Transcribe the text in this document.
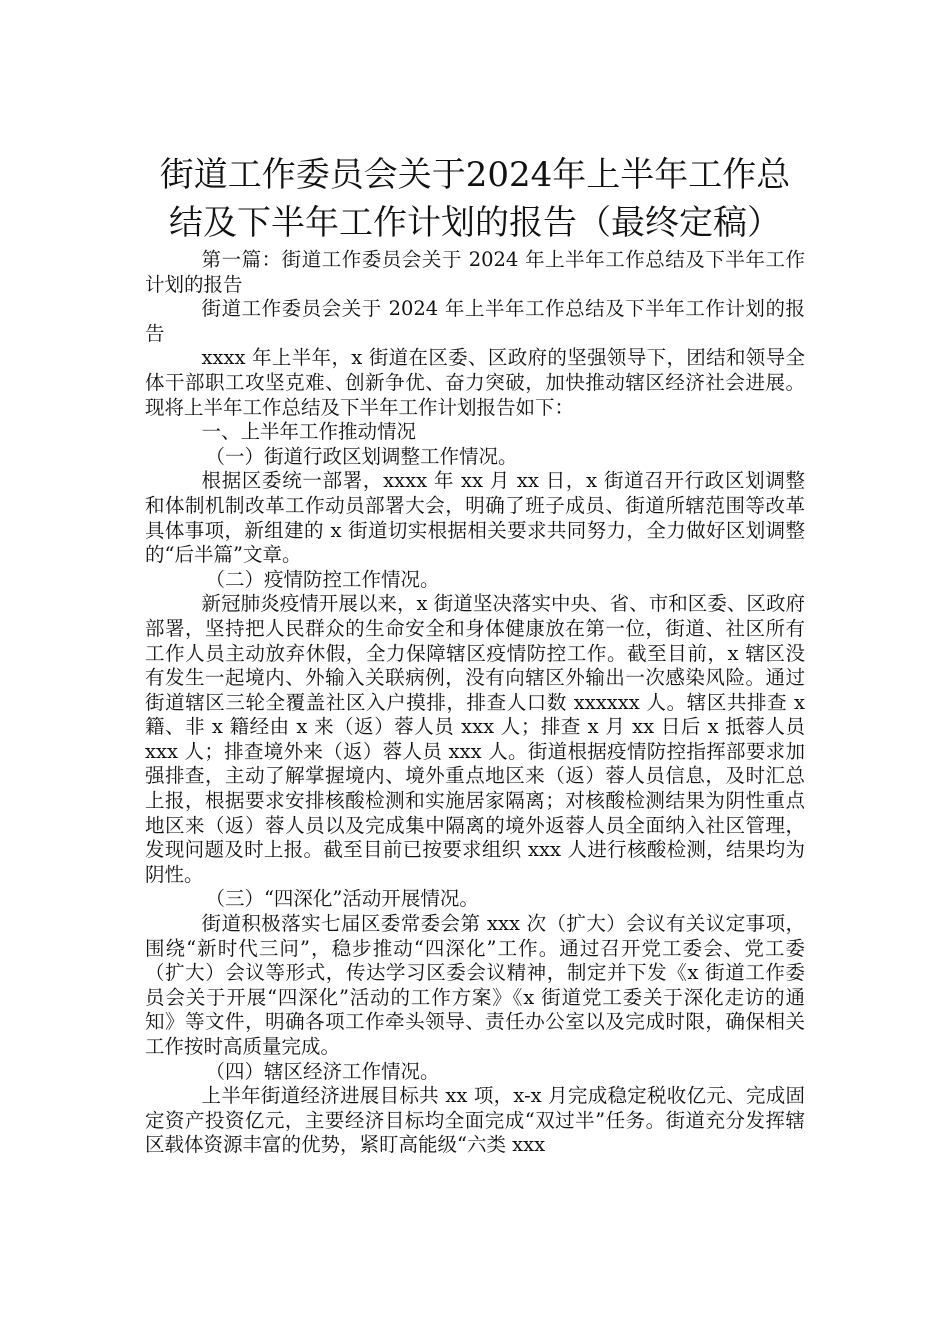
街道工作委员会关于2024年上半年工作总
结及下半年工作计划的报告（最终定稿）

第一篇：街道工作委员会关于 2024 年上半年工作总结及下半年工作计划的报告

街道工作委员会关于 2024 年上半年工作总结及下半年工作计划的报告

xxxx 年上半年，x 街道在区委、区政府的坚强领导下，团结和领导全体干部职工攻坚克难、创新争优、奋力突破，加快推动辖区经济社会进展。现将上半年工作总结及下半年工作计划报告如下：

一、上半年工作推动情况

（一）街道行政区划调整工作情况。

根据区委统一部署，xxxx 年 xx 月 xx 日，x 街道召开行政区划调整和体制机制改革工作动员部署大会，明确了班子成员、街道所辖范围等改革具体事项，新组建的 x 街道切实根据相关要求共同努力，全力做好区划调整的“后半篇”文章。

（二）疫情防控工作情况。

新冠肺炎疫情开展以来，x 街道坚决落实中央、省、市和区委、区政府部署，坚持把人民群众的生命安全和身体健康放在第一位，街道、社区所有工作人员主动放弃休假，全力保障辖区疫情防控工作。截至目前，x 辖区没有发生一起境内、外输入关联病例，没有向辖区外输出一次感染风险。通过街道辖区三轮全覆盖社区入户摸排，排查人口数 xxxxxx 人。辖区共排查 x 籍、非 x 籍经由 x 来（返）蓉人员 xxx 人；排查 x 月 xx 日后 x 抵蓉人员 xxx 人；排查境外来（返）蓉人员 xxx 人。街道根据疫情防控指挥部要求加强排查，主动了解掌握境内、境外重点地区来（返）蓉人员信息，及时汇总上报，根据要求安排核酸检测和实施居家隔离；对核酸检测结果为阴性重点地区来（返）蓉人员以及完成集中隔离的境外返蓉人员全面纳入社区管理，发现问题及时上报。截至目前已按要求组织 xxx 人进行核酸检测，结果均为阴性。

（三）“四深化”活动开展情况。

街道积极落实七届区委常委会第 xxx 次（扩大）会议有关议定事项，围绕“新时代三问”，稳步推动“四深化”工作。通过召开党工委会、党工委（扩大）会议等形式，传达学习区委会议精神，制定并下发《x 街道工作委员会关于开展“四深化”活动的工作方案》《x 街道党工委关于深化走访的通知》等文件，明确各项工作牵头领导、责任办公室以及完成时限，确保相关工作按时高质量完成。

（四）辖区经济工作情况。

上半年街道经济进展目标共 xx 项，x-x 月完成稳定税收亿元、完成固定资产投资亿元，主要经济目标均全面完成“双过半”任务。街道充分发挥辖区载体资源丰富的优势，紧盯高能级“六类 xxx
